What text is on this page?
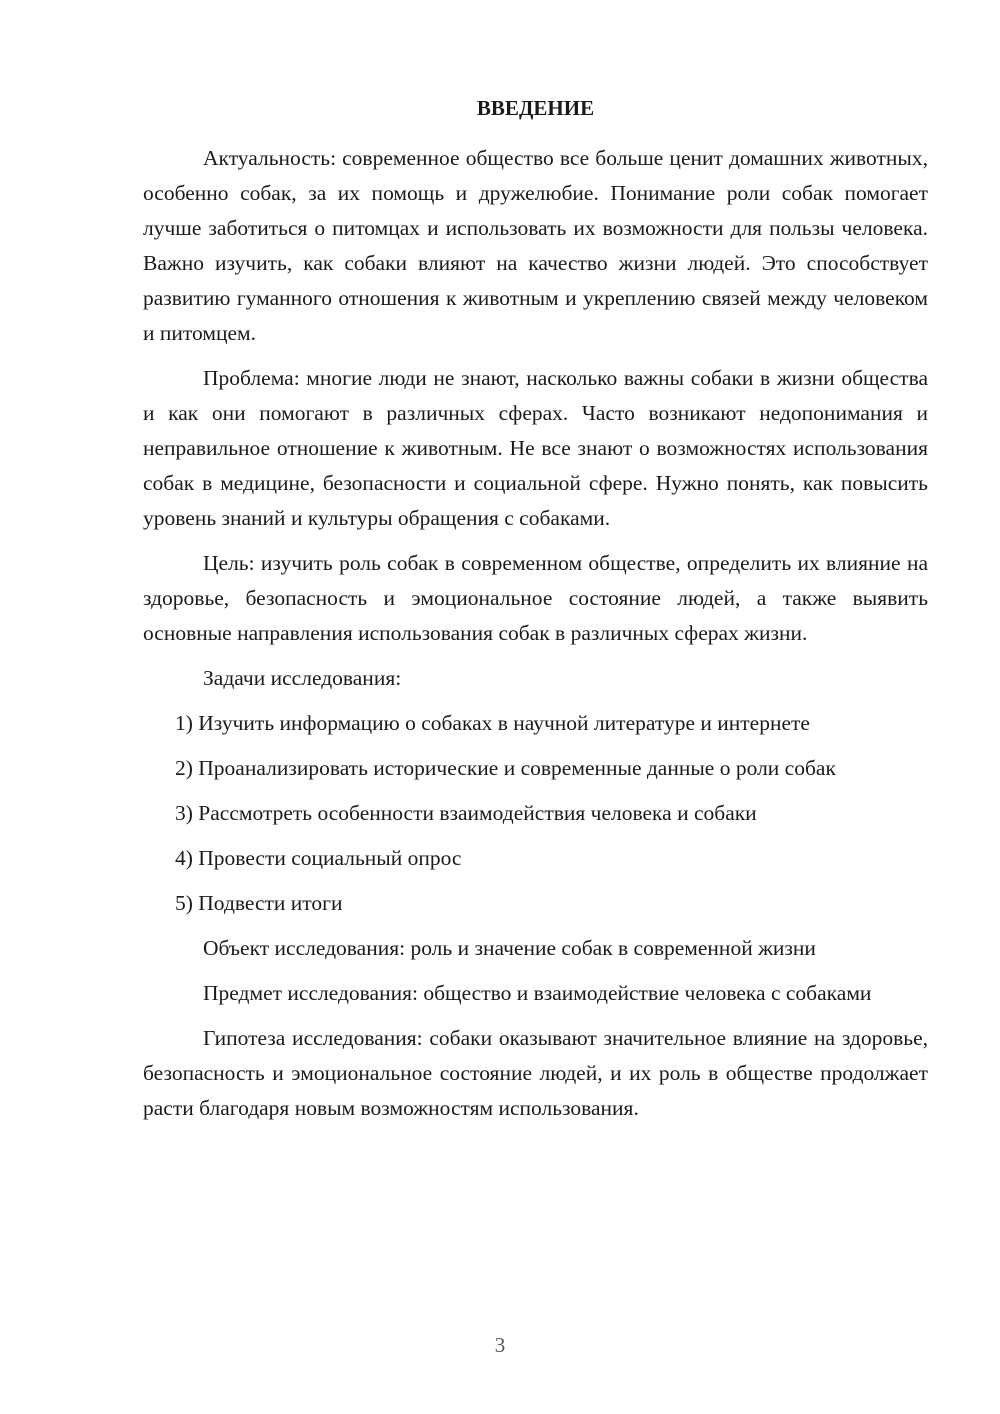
ВВЕДЕНИЕ

Актуальность: современное общество все больше ценит домашних животных, особенно собак, за их помощь и дружелюбие. Понимание роли собак помогает лучше заботиться о питомцах и использовать их возможности для пользы человека. Важно изучить, как собаки влияют на качество жизни людей. Это способствует развитию гуманного отношения к животным и укреплению связей между человеком и питомцем.

Проблема: многие люди не знают, насколько важны собаки в жизни общества и как они помогают в различных сферах. Часто возникают недопонимания и неправильное отношение к животным. Не все знают о возможностях использования собак в медицине, безопасности и социальной сфере. Нужно понять, как повысить уровень знаний и культуры обращения с собаками.

Цель: изучить роль собак в современном обществе, определить их влияние на здоровье, безопасность и эмоциональное состояние людей, а также выявить основные направления использования собак в различных сферах жизни.

Задачи исследования:

1) Изучить информацию о собаках в научной литературе и интернете

2) Проанализировать исторические и современные данные о роли собак

3) Рассмотреть особенности взаимодействия человека и собаки

4) Провести социальный опрос

5) Подвести итоги

Объект исследования: роль и значение собак в современной жизни

Предмет исследования: общество и взаимодействие человека с собаками

Гипотеза исследования: собаки оказывают значительное влияние на здоровье, безопасность и эмоциональное состояние людей, и их роль в обществе продолжает расти благодаря новым возможностям использования.

3
